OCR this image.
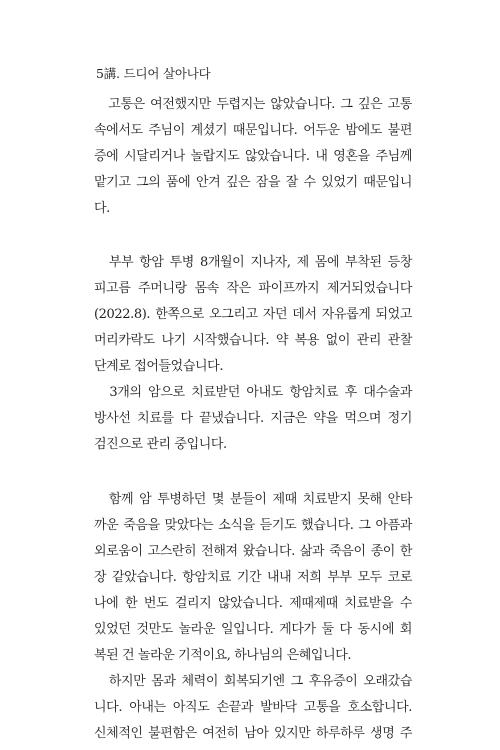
5講. 드디어 살아나다
　고통은 여전했지만 두렵지는 않았습니다. 그 깊은 고통
속에서도 주님이 계셨기 때문입니다. 어두운 밤에도 불편
증에 시달리거나 놀랍지도 않았습니다. 내 영혼을 주님께
맡기고 그의 품에 안겨 깊은 잠을 잘 수 있었기 때문입니
다.
　부부 항암 투병 8개월이 지나자, 제 몸에 부착된 등창
피고름 주머니랑 몸속 작은 파이프까지 제거되었습니다
(2022.8). 한쪽으로 오그리고 자던 데서 자유롭게 되었고
머리카락도 나기 시작했습니다. 약 복용 없이 관리 관찰
단계로 접어들었습니다.
　3개의 암으로 치료받던 아내도 항암치료 후 대수술과
방사선 치료를 다 끝냈습니다. 지금은 약을 먹으며 정기
검진으로 관리 중입니다.
　함께 암 투병하던 몇 분들이 제때 치료받지 못해 안타
까운 죽음을 맞았다는 소식을 듣기도 했습니다. 그 아픔과
외로움이 고스란히 전해져 왔습니다. 삶과 죽음이 종이 한
장 같았습니다. 항암치료 기간 내내 저희 부부 모두 코로
나에 한 번도 걸리지 않았습니다. 제때제때 치료받을 수
있었던 것만도 놀라운 일입니다. 게다가 둘 다 동시에 회
복된 건 놀라운 기적이요, 하나님의 은혜입니다.
　하지만 몸과 체력이 회복되기엔 그 후유증이 오래갔습
니다. 아내는 아직도 손끝과 발바닥 고통을 호소합니다.
신체적인 불편함은 여전히 남아 있지만 하루하루 생명 주
